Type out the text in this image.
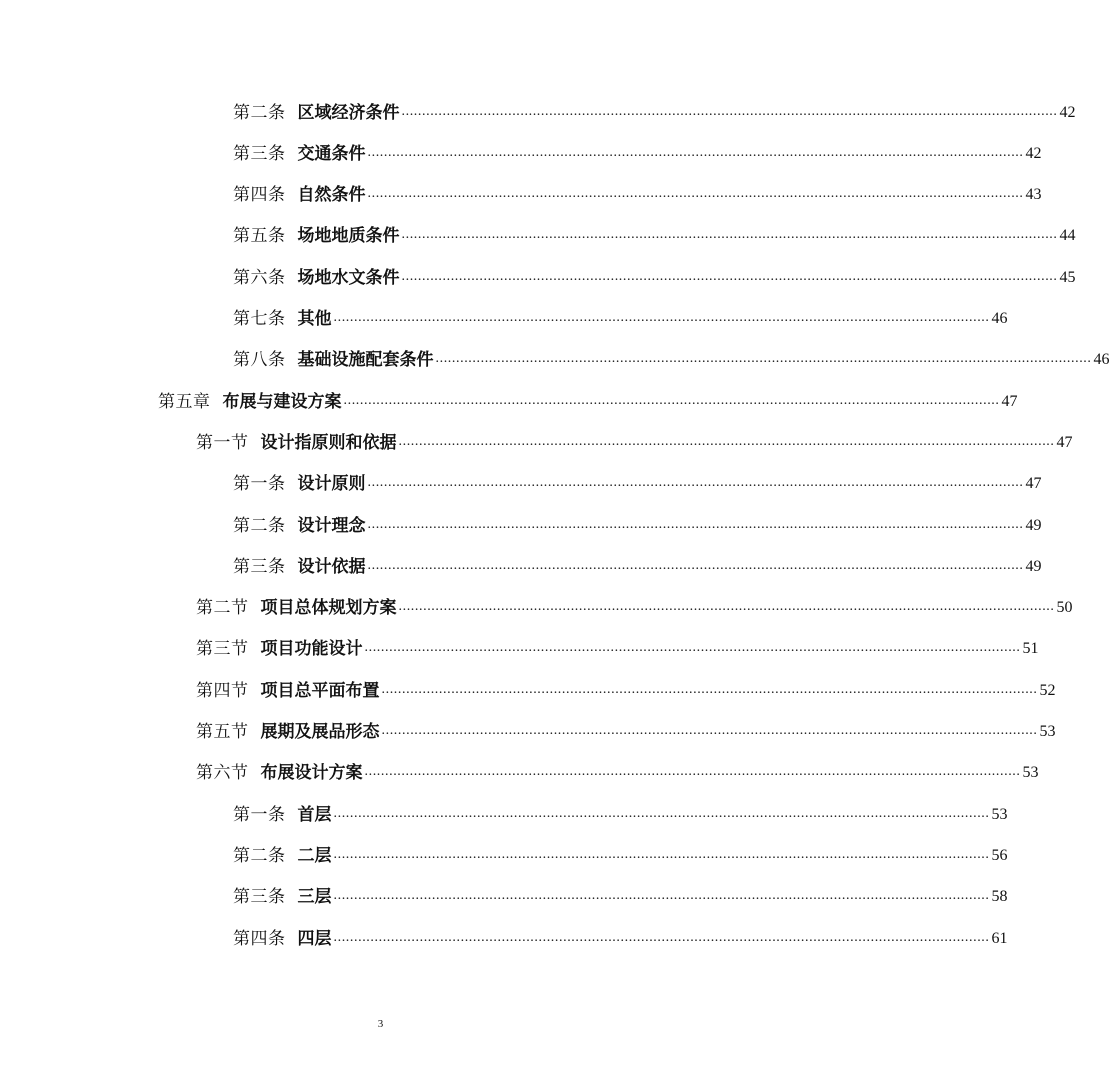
第二条 区域经济条件 ................................................................................................................................................................ 42
第三条 交通条件 ................................................................................................................................................................ 42
第四条 自然条件 ................................................................................................................................................................ 43
第五条 场地地质条件 ................................................................................................................................................................ 44
第六条 场地水文条件 ................................................................................................................................................................ 45
第七条 其他 ................................................................................................................................................................ 46
第八条 基础设施配套条件 ................................................................................................................................................................ 46
第五章 布展与建设方案 ................................................................................................................................................................ 47
第一节 设计指原则和依据 ................................................................................................................................................................ 47
第一条 设计原则 ................................................................................................................................................................ 47
第二条 设计理念 ................................................................................................................................................................ 49
第三条 设计依据 ................................................................................................................................................................ 49
第二节 项目总体规划方案 ................................................................................................................................................................ 50
第三节 项目功能设计 ................................................................................................................................................................ 51
第四节 项目总平面布置 ................................................................................................................................................................ 52
第五节 展期及展品形态 ................................................................................................................................................................ 53
第六节 布展设计方案 ................................................................................................................................................................ 53
第一条 首层 ................................................................................................................................................................ 53
第二条 二层 ................................................................................................................................................................ 56
第三条 三层 ................................................................................................................................................................ 58
第四条 四层 ................................................................................................................................................................ 61
3
